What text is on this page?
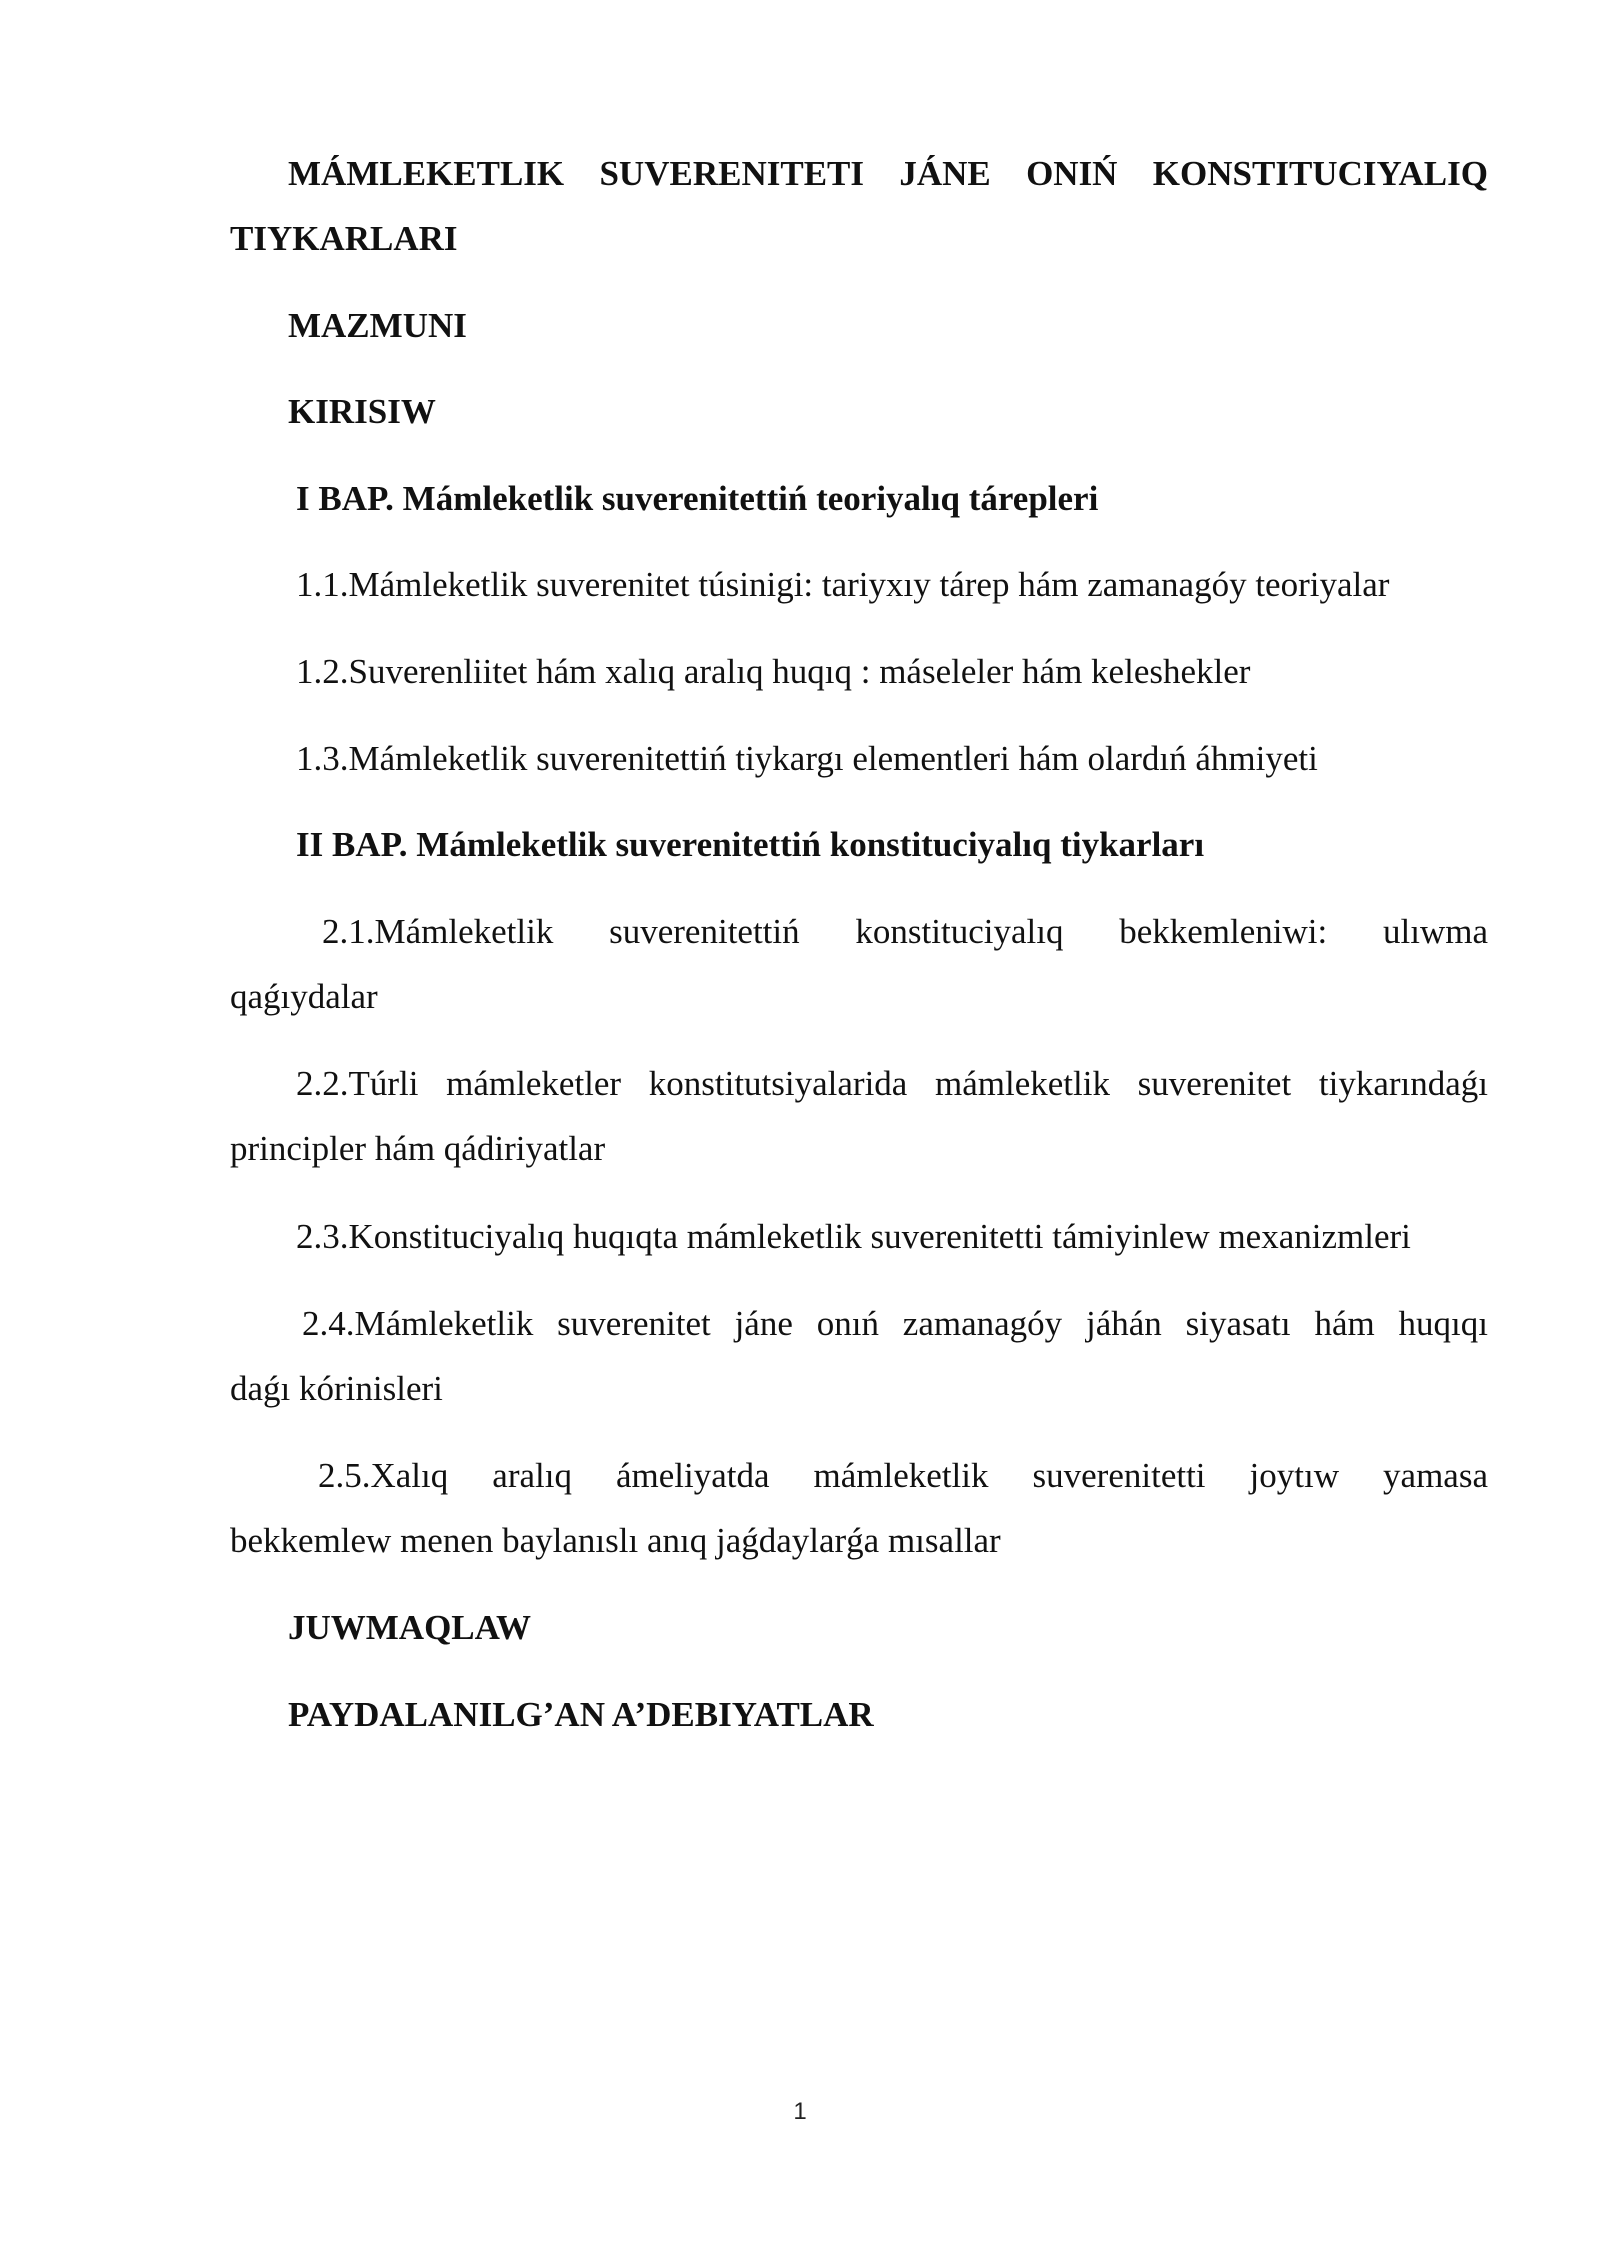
MÁMLEKETLIK SUVERENITETI JÁNE ONIŃ KONSTITUCIYALIQ
TIYKARLARI
MAZMUNI
KIRISIW
I BAP. Mámleketlik suverenitettiń teoriyalıq tárepleri
1.1.Mámleketlik suverenitet túsinigi: tariyxıy tárep hám zamanagóy teoriyalar
1.2.Suverenliitet hám xalıq aralıq huqıq : máseleler hám keleshekler
1.3.Mámleketlik suverenitettiń tiykargı elementleri hám olardıń áhmiyeti
II BAP. Mámleketlik suverenitettiń konstituciyalıq tiykarları
2.1.Mámleketlik suverenitettiń konstituciyalıq bekkemleniwi: ulıwma
qaǵıydalar
2.2.Túrli mámleketler konstitutsiyalarida mámleketlik suverenitet tiykarındaǵı
principler hám qádiriyatlar
2.3.Konstituciyalıq huqıqta mámleketlik suverenitetti támiyinlew mexanizmleri
2.4.Mámleketlik suverenitet jáne onıń zamanagóy jáhán siyasatı hám huqıqı
daǵı kórinisleri
2.5.Xalıq aralıq ámeliyatda mámleketlik suverenitetti joytıw yamasa
bekkemlew menen baylanıslı anıq jaǵdaylarǵa mısallar
JUWMAQLAW
PAYDALANILG’AN A’DEBIYATLAR
1
